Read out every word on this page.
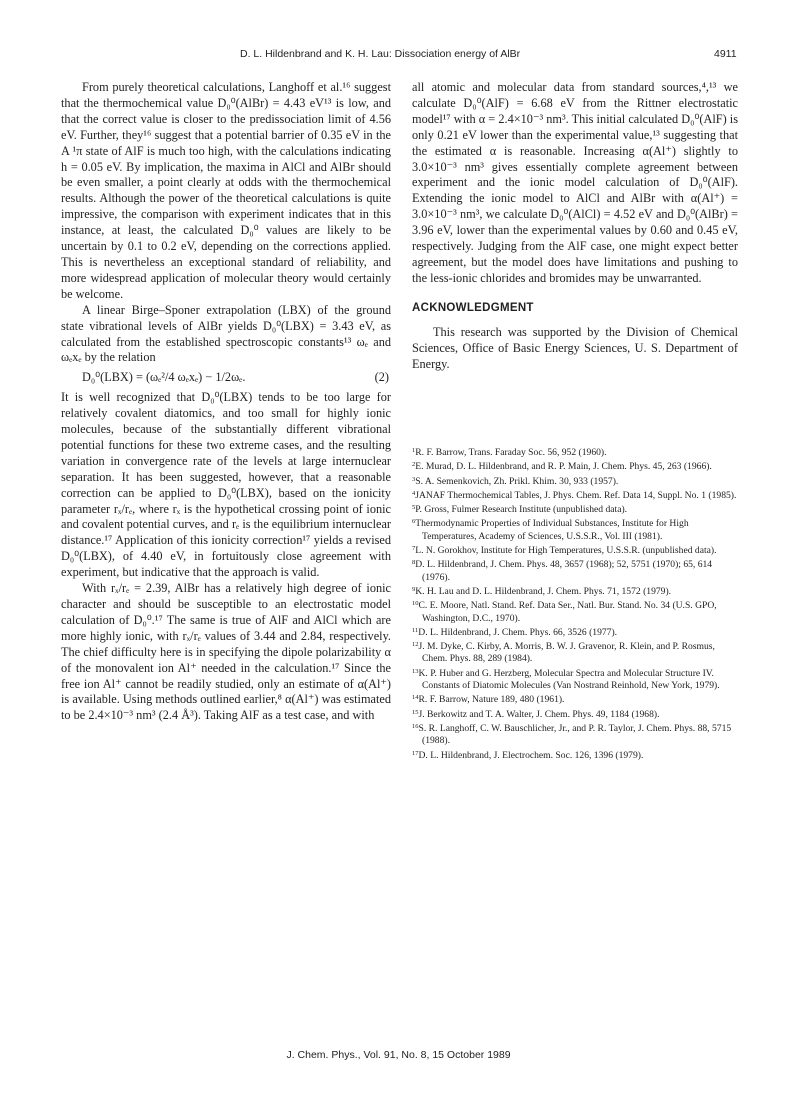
D. L. Hildenbrand and K. H. Lau: Dissociation energy of AlBr	4911

From purely theoretical calculations, Langhoff et al.¹⁶ suggest that the thermochemical value D₀⁰(AlBr) = 4.43 eV¹³ is low, and that the correct value is closer to the predissociation limit of 4.56 eV. Further, they¹⁶ suggest that a potential barrier of 0.35 eV in the A ¹π state of AlF is much too high, with the calculations indicating h = 0.05 eV. By implication, the maxima in AlCl and AlBr should be even smaller, a point clearly at odds with the thermochemical results. Although the power of the theoretical calculations is quite impressive, the comparison with experiment indicates that in this instance, at least, the calculated D₀⁰ values are likely to be uncertain by 0.1 to 0.2 eV, depending on the corrections applied. This is nevertheless an exceptional standard of reliability, and more widespread application of molecular theory would certainly be welcome.

A linear Birge–Sponer extrapolation (LBX) of the ground state vibrational levels of AlBr yields D₀⁰(LBX) = 3.43 eV, as calculated from the established spectroscopic constants¹³ ωₑ and ωₑxₑ by the relation

D₀⁰(LBX) = (ωₑ²/4 ωₑxₑ) − 1/2ωₑ.	(2)

It is well recognized that D₀⁰(LBX) tends to be too large for relatively covalent diatomics, and too small for highly ionic molecules, because of the substantially different vibrational potential functions for these two extreme cases, and the resulting variation in convergence rate of the levels at large internuclear separation. It has been suggested, however, that a reasonable correction can be applied to D₀⁰(LBX), based on the ionicity parameter rₓ/rₑ, where rₓ is the hypothetical crossing point of ionic and covalent potential curves, and rₑ is the equilibrium internuclear distance.¹⁷ Application of this ionicity correction¹⁷ yields a revised D₀⁰(LBX), of 4.40 eV, in fortuitously close agreement with experiment, but indicative that the approach is valid.

With rₓ/rₑ = 2.39, AlBr has a relatively high degree of ionic character and should be susceptible to an electrostatic model calculation of D₀⁰.¹⁷ The same is true of AlF and AlCl which are more highly ionic, with rₓ/rₑ values of 3.44 and 2.84, respectively. The chief difficulty here is in specifying the dipole polarizability α of the monovalent ion Al⁺ needed in the calculation.¹⁷ Since the free ion Al⁺ cannot be readily studied, only an estimate of α(Al⁺) is available. Using methods outlined earlier,⁸ α(Al⁺) was estimated to be 2.4×10⁻³ nm³ (2.4 Å³). Taking AlF as a test case, and with

all atomic and molecular data from standard sources,⁴,¹³ we calculate D₀⁰(AlF) = 6.68 eV from the Rittner electrostatic model¹⁷ with α = 2.4×10⁻³ nm³. This initial calculated D₀⁰(AlF) is only 0.21 eV lower than the experimental value,¹³ suggesting that the estimated α is reasonable. Increasing α(Al⁺) slightly to 3.0×10⁻³ nm³ gives essentially complete agreement between experiment and the ionic model calculation of D₀⁰(AlF). Extending the ionic model to AlCl and AlBr with α(Al⁺) = 3.0×10⁻³ nm³, we calculate D₀⁰(AlCl) = 4.52 eV and D₀⁰(AlBr) = 3.96 eV, lower than the experimental values by 0.60 and 0.45 eV, respectively. Judging from the AlF case, one might expect better agreement, but the model does have limitations and pushing to the less-ionic chlorides and bromides may be unwarranted.

ACKNOWLEDGMENT

This research was supported by the Division of Chemical Sciences, Office of Basic Energy Sciences, U. S. Department of Energy.

$^1$R. F. Barrow, Trans. Faraday Soc. 56, 952 (1960).

$^2$E. Murad, D. L. Hildenbrand, and R. P. Main, J. Chem. Phys. 45, 263 (1966).

$^3$S. A. Semenkovich, Zh. Prikl. Khim. 30, 933 (1957).

$^4$JANAF Thermochemical Tables, J. Phys. Chem. Ref. Data 14, Suppl. No. 1 (1985).

$^5$P. Gross, Fulmer Research Institute (unpublished data).

$^6$Thermodynamic Properties of Individual Substances, Institute for High Temperatures, Academy of Sciences, U.S.S.R., Vol. III (1981).

$^7$L. N. Gorokhov, Institute for High Temperatures, U.S.S.R. (unpublished data).

$^8$D. L. Hildenbrand, J. Chem. Phys. 48, 3657 (1968); 52, 5751 (1970); 65, 614 (1976).

$^9$K. H. Lau and D. L. Hildenbrand, J. Chem. Phys. 71, 1572 (1979).

$^{10}$C. E. Moore, Natl. Stand. Ref. Data Ser., Natl. Bur. Stand. No. 34 (U.S. GPO, Washington, D.C., 1970).

$^{11}$D. L. Hildenbrand, J. Chem. Phys. 66, 3526 (1977).

$^{12}$J. M. Dyke, C. Kirby, A. Morris, B. W. J. Gravenor, R. Klein, and P. Rosmus, Chem. Phys. 88, 289 (1984).

$^{13}$K. P. Huber and G. Herzberg, Molecular Spectra and Molecular Structure IV. Constants of Diatomic Molecules (Van Nostrand Reinhold, New York, 1979).

$^{14}$R. F. Barrow, Nature 189, 480 (1961).

$^{15}$J. Berkowitz and T. A. Walter, J. Chem. Phys. 49, 1184 (1968).

$^{16}$S. R. Langhoff, C. W. Bauschlicher, Jr., and P. R. Taylor, J. Chem. Phys. 88, 5715 (1988).

$^{17}$D. L. Hildenbrand, J. Electrochem. Soc. 126, 1396 (1979).

J. Chem. Phys., Vol. 91, No. 8, 15 October 1989
